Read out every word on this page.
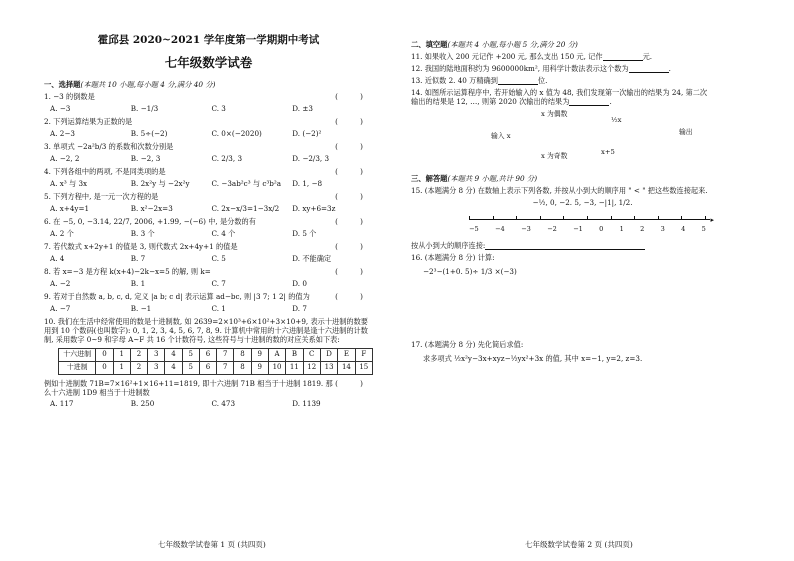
霍邱县 2020~2021 学年度第一学期期中考试
七年级数学试卷
一、选择题(本题共 10 小题,每小题 4 分,满分 40 分)
1. −3 的倒数是	( )
A. −3	B. −1/3	C. 3	D. ±3
2. 下列运算结果为正数的是	( )
A. 2−3	B. 5÷(−2)	C. 0×(−2020)	D. (−2)²
3. 单项式 −2a²b/3 的系数和次数分别是	( )
A. −2, 2	B. −2, 3	C. 2/3, 3	D. −2/3, 3
4. 下列各组中的两项, 不是同类项的是	( )
A. x³ 与 3x	B. 2x²y 与 −2x²y	C. −3ab²c³ 与 c³b²a	D. 1, −8
5. 下列方程中, 是一元一次方程的是	( )
A. x+4y=1	B. x²−2x=3	C. 2x−x/3=1−3x/2	D. xy+6=3z
6. 在 −5, 0, −3.14, 22/7, 2006, +1.99, −(−6) 中, 是分数的有	( )
A. 2 个	B. 3 个	C. 4 个	D. 5 个
7. 若代数式 x+2y+1 的值是 3, 则代数式 2x+4y+1 的值是	( )
A. 4	B. 7	C. 5	D. 不能确定
8. 若 x=−3 是方程 k(x+4)−2k−x=5 的解, 则 k=	( )
A. −2	B. 1	C. 7	D. 0
9. 若对于自然数 a, b, c, d, 定义 |a b; c d| 表示运算 ad−bc, 则 |3 7; 1 2| 的值为	( )
A. −7	B. −1	C. 1	D. 7
10. 我们在生活中经常使用的数是十进制数, 如 2639=2×10³+6×10²+3×10+9, 表示十进制的数要用到 10 个数码(也叫数字): 0, 1, 2, 3, 4, 5, 6, 7, 8, 9. 计算机中常用的十六进制是逢十六进制的计数制, 采用数字 0~9 和字母 A~F 共 16 个计数符号, 这些符号与十进制的数的对应关系如下表:
十六进制	0	1	2	3	4	5	6	7	8	9	A	B	C	D	E	F
十进制	0	1	2	3	4	5	6	7	8	9	10	11	12	13	14	15
例如十进制数 71B=7×16²+1×16+11=1819, 即十六进制 71B 相当于十进制 1819. 那么十六进制 1D9 相当于十进制数
( )
A. 117	B. 250	C. 473	D. 1139
七年级数学试卷第 1 页 (共四页)
二、填空题(本题共 4 小题,每小题 5 分,满分 20 分)
11. 如果收入 200 元记作 +200 元, 那么支出 150 元, 记作	元.
12. 我国的陆地面积约为 9600000km², 用科学计数法表示这个数为	.
13. 近似数 2. 40 万精确到	位.
14. 如图所示运算程序中, 若开始输入的 x 值为 48, 我们发现第一次输出的结果为 24, 第二次输出的结果是 12, …, 则第 2020 次输出的结果为	.
x 为偶数
½x
输出
输入 x
x 为奇数	x+5
三、解答题(本题共 9 小题,共计 90 分)
15. (本题满分 8 分) 在数轴上表示下列各数, 并按从小到大的顺序用 " < " 把这些数连接起来.
−½, 0, −2. 5, −3, −|1|, 1/2.
▸
−5 −4 −3 −2 −1 0 1 2 3 4 5
按从小到大的顺序连接:
16. (本题满分 8 分) 计算:
−2³−(1+0. 5)÷ 1/3 ×(−3)
17. (本题满分 8 分) 先化简后求值:
求多项式 ½x²y−3x+xyz−½yx²+3x 的值, 其中 x=−1, y=2, z=3.
七年级数学试卷第 2 页 (共四页)
